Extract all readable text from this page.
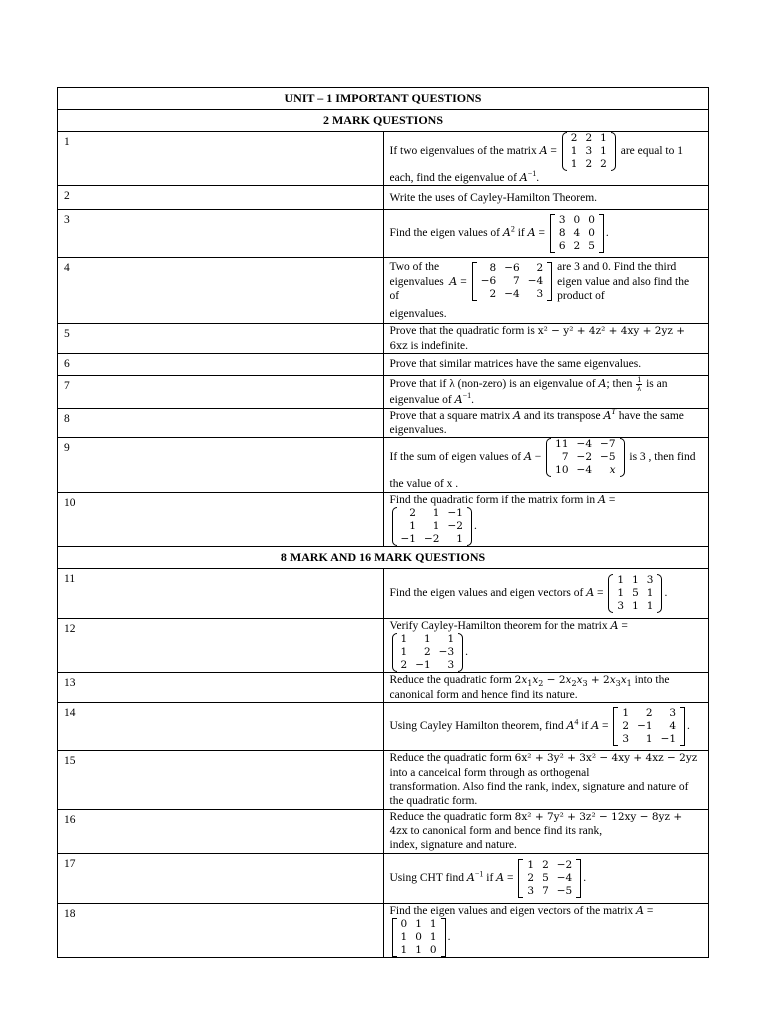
UNIT – 1 IMPORTANT QUESTIONS
2 MARK QUESTIONS
1	If two eigenvalues of the matrix A =
2	2	1
1	3	1
1	2	2
are equal to 1 each, find the eigenvalue of $A^{-1}$.
2	Write the uses of Cayley-Hamilton Theorem.
3	Find the eigen values of $A^2$ if A =
3	0	0
8	4	0
6	2	5
.
4	Two of the eigenvalues of
A =
8	−6	2
−6	7	−4
2	−4	3
are 3 and 0. Find the third eigen value and also find the product of
eigenvalues.

5	Prove that the quadratic form is x² − y² + 4z² + 4xy + 2yz + 6xz is indefinite.
6	Prove that similar matrices have the same eigenvalues.
7	Prove that if λ (non-zero) is an eigenvalue of A; then $\frac{1}{\lambda}$ is an eigenvalue of $A^{-1}$.
8	Prove that a square matrix A and its transpose $A^T$ have the same eigenvalues.
9	If the sum of eigen values of A −
11	−4	−7
7	−2	−5
10	−4	x
is 3 , then find the value of x .
10	Find the quadratic form if the matrix form in A =
2	1	−1
1	1	−2
−1	−2	1
.
8 MARK AND 16 MARK QUESTIONS
11	Find the eigen values and eigen vectors of A =
1	1	3
1	5	1
3	1	1
.
12	Verify Cayley-Hamilton theorem for the matrix A =
1	1	1
1	2	−3
2	−1	3
.
13	Reduce the quadratic form $2x_1x_2 - 2x_2x_3 + 2x_3x_1$ into the canonical form and hence find its nature.
14	Using Cayley Hamilton theorem, find $A^4$ if A =
1	2	3
2	−1	4
3	1	−1
.
15	Reduce the quadratic form 6x² + 3y² + 3x² − 4xy + 4xz − 2yz into a canceical form through as orthogenal
transformation. Also find the rank, index, signature and nature of the quadratic form.
16	Reduce the quadratic form 8x² + 7y² + 3z² − 12xy − 8yz + 4zx to canonical form and bence find its rank,
index, signature and nature.
17	Using CHT find $A^{-1}$ if A =
1	2	−2
2	5	−4
3	7	−5
.
18	Find the eigen values and eigen vectors of the matrix A =
0	1	1
1	0	1
1	1	0
.
